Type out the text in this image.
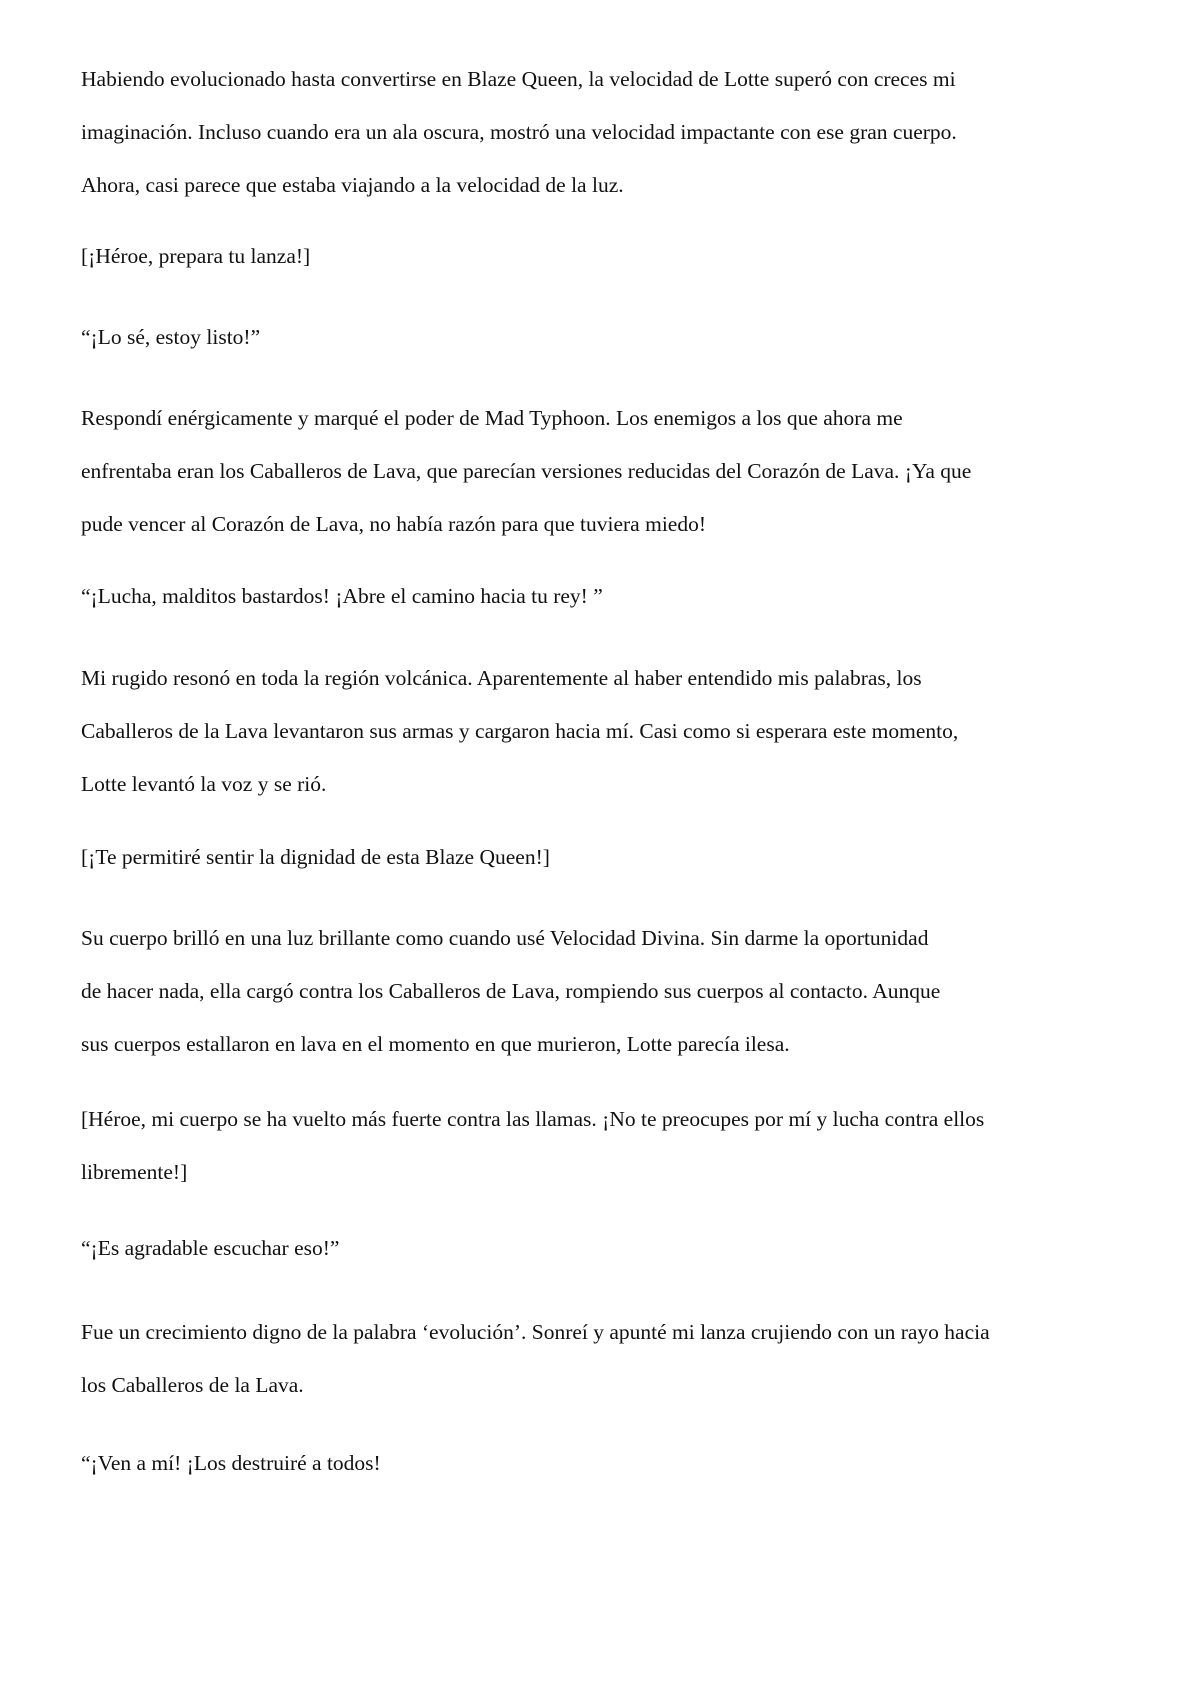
Habiendo evolucionado hasta convertirse en Blaze Queen, la velocidad de Lotte superó con creces mi
imaginación. Incluso cuando era un ala oscura, mostró una velocidad impactante con ese gran cuerpo.
Ahora, casi parece que estaba viajando a la velocidad de la luz.

[¡Héroe, prepara tu lanza!]

“¡Lo sé, estoy listo!”

Respondí enérgicamente y marqué el poder de Mad Typhoon. Los enemigos a los que ahora me
enfrentaba eran los Caballeros de Lava, que parecían versiones reducidas del Corazón de Lava. ¡Ya que
pude vencer al Corazón de Lava, no había razón para que tuviera miedo!

“¡Lucha, malditos bastardos! ¡Abre el camino hacia tu rey! ”

Mi rugido resonó en toda la región volcánica. Aparentemente al haber entendido mis palabras, los
Caballeros de la Lava levantaron sus armas y cargaron hacia mí. Casi como si esperara este momento,
Lotte levantó la voz y se rió.

[¡Te permitiré sentir la dignidad de esta Blaze Queen!]

Su cuerpo brilló en una luz brillante como cuando usé Velocidad Divina. Sin darme la oportunidad
de hacer nada, ella cargó contra los Caballeros de Lava, rompiendo sus cuerpos al contacto. Aunque
sus cuerpos estallaron en lava en el momento en que murieron, Lotte parecía ilesa.

[Héroe, mi cuerpo se ha vuelto más fuerte contra las llamas. ¡No te preocupes por mí y lucha contra ellos
libremente!]

“¡Es agradable escuchar eso!”

Fue un crecimiento digno de la palabra ‘evolución’. Sonreí y apunté mi lanza crujiendo con un rayo hacia
los Caballeros de la Lava.

“¡Ven a mí! ¡Los destruiré a todos!
